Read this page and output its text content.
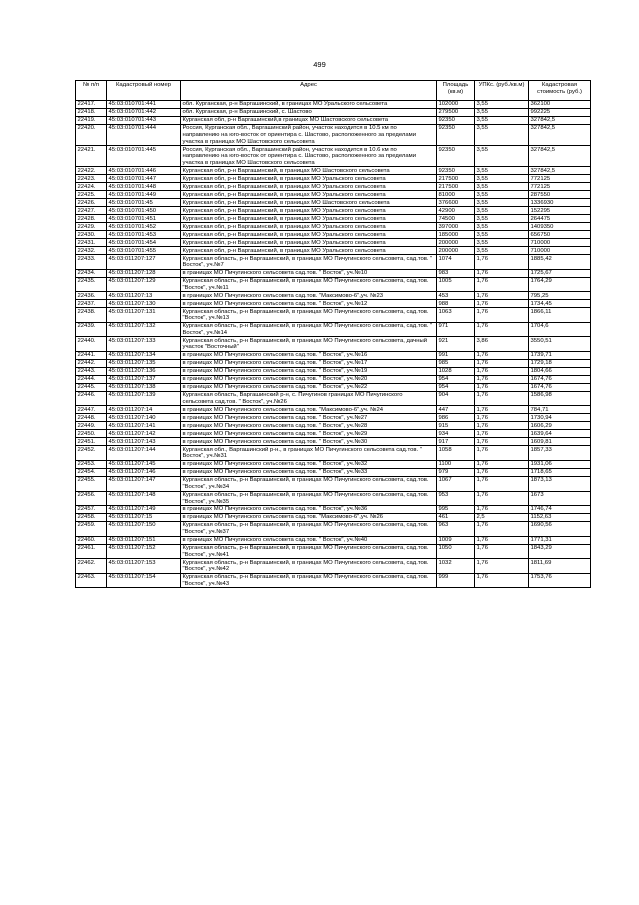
499
№ п/п	Кадастровый номер	Адрес	Площадь (кв.м)	УПКс. (руб./кв.м)	Кадастровая стоимость (руб.)
22417.	45:03:010701:441	обл. Курганская, р-н Варгашинский, в границах МО Уральского сельсовета	102000	3,55	362100
22418.	45:03:010701:442	обл. Курганская, р-н Варгашинский, с. Шастово	279500	3,55	992225
22419.	45:03:010701:443	Курганская обл, р-н Варгашинский,в границах МО Шастовского сельсовета	92350	3,55	327842,5
22420.	45:03:010701:444	Россия, Курганская обл., Варгашинский район, участок находится в 10.5 км по направлению на юго-восток от ориентира с. Шастово, расположенного за пределами участка в границах МО Шастовского сельсовета	92350	3,55	327842,5
22421.	45:03:010701:445	Россия, Курганская обл., Варгашинский район, участок находится в 10.6 км по направлению на юго-восток от ориентира с. Шастово, расположенного за пределами участка в границах МО Шастовского сельсовета	92350	3,55	327842,5
22422.	45:03:010701:446	Курганская обл, р-н Варгашинский, в границах МО Шастовского сельсовета	92350	3,55	327842,5
22423.	45:03:010701:447	Курганская обл, р-н Варгашинский, в границах МО Уральского сельсовета	217500	3,55	772125
22424.	45:03:010701:448	Курганская обл, р-н Варгашинский, в границах МО Уральского сельсовета	217500	3,55	772125
22425.	45:03:010701:449	Курганская обл, р-н Варгашинский, в границах МО Уральского сельсовета	81000	3,55	287550
22426.	45:03:010701:45	Курганская обл, р-н Варгашинский, в границах МО Шастовского сельсовета	376600	3,55	1336930
22427.	45:03:010701:450	Курганская обл, р-н Варгашинский, в границах МО Уральского сельсовета	42900	3,55	152295
22428.	45:03:010701:451	Курганская обл, р-н Варгашинский, в границах МО Уральского сельсовета	74500	3,55	264475
22429.	45:03:010701:452	Курганская обл, р-н Варгашинский, в границах МО Уральского сельсовета	397000	3,55	1409350
22430.	45:03:010701:453	Курганская обл, р-н Варгашинский, в границах МО Уральского сельсовета	185000	3,55	656750
22431.	45:03:010701:454	Курганская обл, р-н Варгашинский, в границах МО Уральского сельсовета	200000	3,55	710000
22432.	45:03:010701:455	Курганская обл, р-н Варгашинский, в границах МО Уральского сельсовета	200000	3,55	710000
22433.	45:03:011207:127	Курганская область, р-н Варгашинский, в границах МО Пичугинского сельсовета, сад.тов. " Восток", уч.№7	1074	1,76	1885,42
22434.	45:03:011207:128	в границах МО Пичугинского сельсовета сад.тов. " Восток", уч.№10	983	1,76	1725,67
22435.	45:03:011207:129	Курганская область, р-н Варгашинский, в границах МО Пичугинского сельсовета, сад.тов. "Восток", уч.№11	1005	1,76	1764,29
22436.	45:03:011207:13	в границах МО Пичугинского сельсовета сад.тов. "Максимово-6",уч. №23	453	1,76	795,25
22437.	45:03:011207:130	в границах МО Пичугинского сельсовета сад.тов. " Восток", уч.№12	988	1,76	1734,45
22438.	45:03:011207:131	Курганская область, р-н Варгашинский, в границах МО Пичугинского сельсовета, сад.тов. "Восток", уч.№13	1063	1,76	1866,11
22439.	45:03:011207:132	Курганская область, р-н Варгашинский, в границах МО Пичугинского сельсовета, сад.тов. " Восток", уч.№14	971	1,76	1704,6
22440.	45:03:011207:133	Курганская область, р-н Варгашинский, в границах МО Пичугинского сельсовета, дачный участок "Восточный"	921	3,86	3550,51
22441.	45:03:011207:134	в границах МО Пичугинского сельсовета сад.тов. " Восток", уч.№16	991	1,76	1739,71
22442.	45:03:011207:135	в границах МО Пичугинского сельсовета сад.тов. " Восток", уч.№17	985	1,76	1729,18
22443.	45:03:011207:136	в границах МО Пичугинского сельсовета сад.тов. " Восток", уч.№19	1028	1,76	1804,66
22444.	45:03:011207:137	в границах МО Пичугинского сельсовета сад.тов. " Восток", уч.№20	954	1,76	1674,76
22445.	45:03:011207:138	в границах МО Пичугинского сельсовета сад.тов. " Восток", уч.№22	954	1,76	1674,76
22446.	45:03:011207:139	Курганская область, Варгашинский р-н, с. Пичугинов границах МО Пичугинского сельсовета сад.тов. " Восток", уч.№26	904	1,76	1586,98
22447.	45:03:011207:14	в границах МО Пичугинского сельсовета сад.тов. "Максимово-6",уч. №24	447	1,76	784,71
22448.	45:03:011207:140	в границах МО Пичугинского сельсовета сад.тов. " Восток", уч.№27	986	1,76	1730,94
22449.	45:03:011207:141	в границах МО Пичугинского сельсовета сад.тов. " Восток", уч.№28	915	1,76	1606,29
22450.	45:03:011207:142	в границах МО Пичугинского сельсовета сад.тов. " Восток", уч.№29	934	1,76	1639,64
22451.	45:03:011207:143	в границах МО Пичугинского сельсовета сад.тов. " Восток", уч.№30	917	1,76	1609,81
22452.	45:03:011207:144	Курганская обл., Варгашинский р-н., в границах МО Пичугинского сельсовета сад.тов. " Восток", уч.№31	1058	1,76	1857,33
22453.	45:03:011207:145	в границах МО Пичугинского сельсовета сад.тов. " Восток", уч.№32	1100	1,76	1931,06
22454.	45:03:011207:146	в границах МО Пичугинского сельсовета сад.тов. " Восток", уч.№33	979	1,76	1718,65
22455.	45:03:011207:147	Курганская область, р-н Варгашинский, в границах МО Пичугинского сельсовета, сад.тов. "Восток", уч.№34	1067	1,76	1873,13
22456.	45:03:011207:148	Курганская область, р-н Варгашинский, в границах МО Пичугинского сельсовета, сад.тов. "Восток", уч.№35	953	1,76	1673
22457.	45:03:011207:149	в границах МО Пичугинского сельсовета сад.тов. " Восток", уч.№36	995	1,76	1746,74
22458.	45:03:011207:15	в границах МО Пичугинского сельсовета сад.тов. "Максимово-6",уч. №26	461	2,5	1152,63
22459.	45:03:011207:150	Курганская область, р-н Варгашинский, в границах МО Пичугинского сельсовета, сад.тов. "Восток", уч.№37	963	1,76	1690,56
22460.	45:03:011207:151	в границах МО Пичугинского сельсовета сад.тов. " Восток", уч.№40	1009	1,76	1771,31
22461.	45:03:011207:152	Курганская область, р-н Варгашинский, в границах МО Пичугинского сельсовета, сад.тов. "Восток", уч.№41	1050	1,76	1843,29
22462.	45:03:011207:153	Курганская область, р-н Варгашинский, в границах МО Пичугинского сельсовета, сад.тов. "Восток", уч.№42	1032	1,76	1811,69
22463.	45:03:011207:154	Курганская область, р-н Варгашинский, в границах МО Пичугинского сельсовета, сад.тов. "Восток", уч.№43	999	1,76	1753,76
